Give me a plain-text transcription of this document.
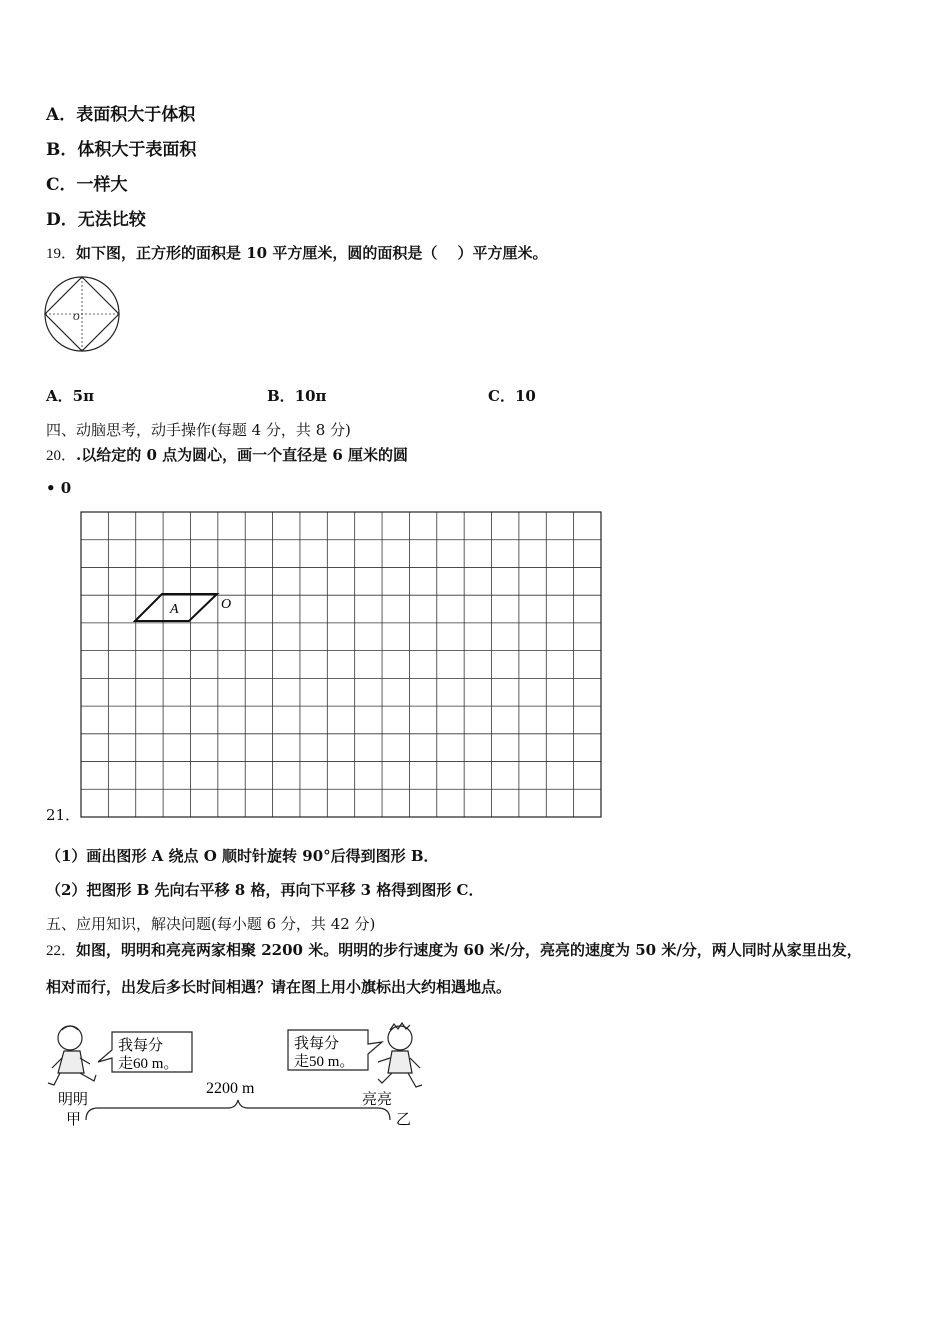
A．表面积大于体积
B．体积大于表面积
C．一样大
D．无法比较
19．如下图，正方形的面积是 10 平方厘米，圆的面积是（　 ）平方厘米。
O
A．5π	B．10π	C．10
四、动脑思考，动手操作(每题 4 分，共 8 分)
20．.以给定的 0 点为圆心，画一个直径是 6 厘米的圆
• 0
A	O
21．
（1）画出图形 A 绕点 O 顺时针旋转 90°后得到图形 B．
（2）把图形 B 先向右平移 8 格，再向下平移 3 格得到图形 C．
五、应用知识，解决问题(每小题 6 分，共 42 分)
22．如图，明明和亮亮两家相聚 2200 米。明明的步行速度为 60 米/分，亮亮的速度为 50 米/分，两人同时从家里出发，
相对而行，出发后多长时间相遇？请在图上用小旗标出大约相遇地点。
我每分
走60 m。
我每分
走50 m。
2200 m
明明	亮亮
甲	乙
